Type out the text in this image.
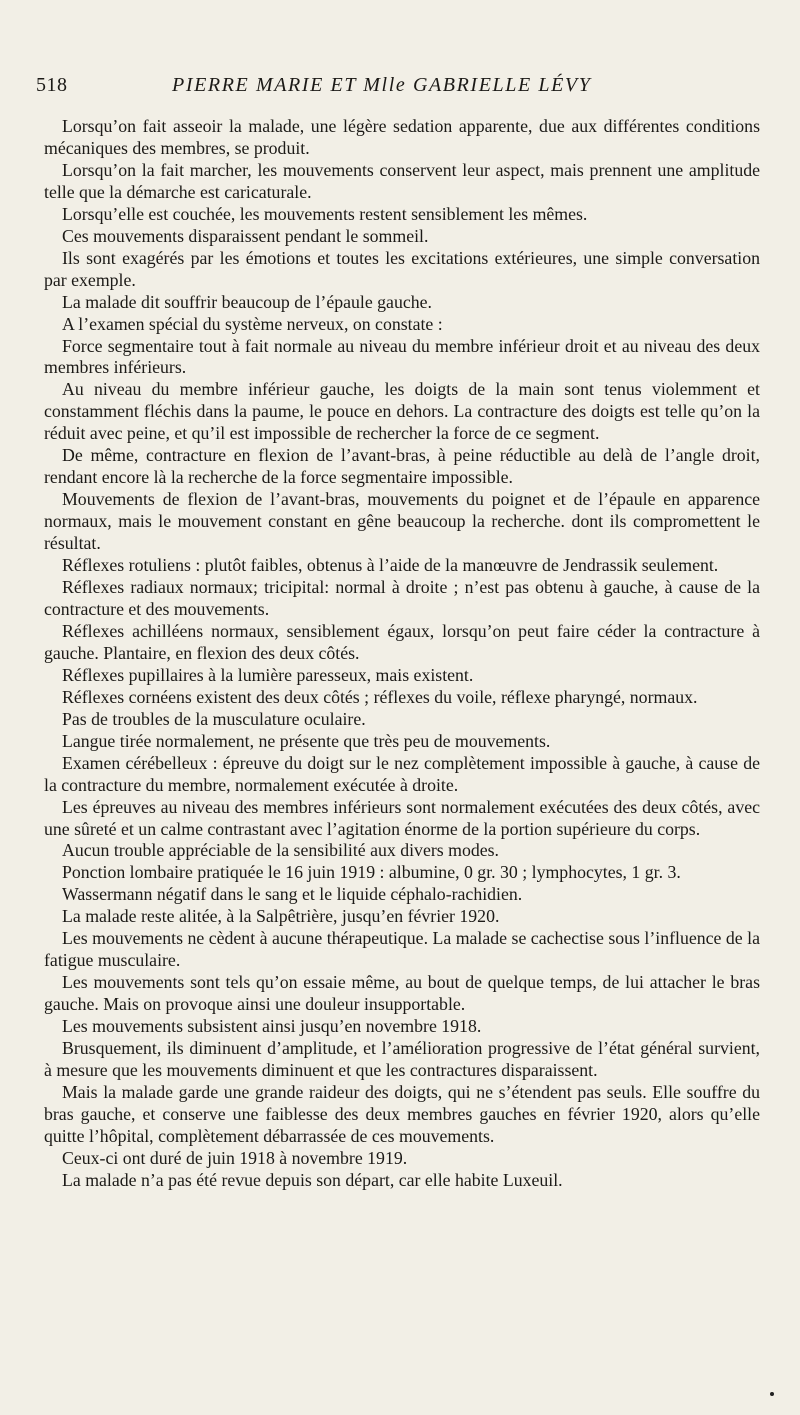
518	PIERRE MARIE ET Mlle GABRIELLE LÉVY

Lorsqu’on fait asseoir la malade, une légère sedation apparente, due aux différentes conditions mécaniques des membres, se produit.

Lorsqu’on la fait marcher, les mouvements conservent leur aspect, mais prennent une amplitude telle que la démarche est caricaturale.

Lorsqu’elle est couchée, les mouvements restent sensiblement les mêmes.

Ces mouvements disparaissent pendant le sommeil.

Ils sont exagérés par les émotions et toutes les excitations extérieures, une simple conversation par exemple.

La malade dit souffrir beaucoup de l’épaule gauche.

A l’examen spécial du système nerveux, on constate :

Force segmentaire tout à fait normale au niveau du membre inférieur droit et au niveau des deux membres inférieurs.

Au niveau du membre inférieur gauche, les doigts de la main sont tenus violemment et constamment fléchis dans la paume, le pouce en dehors. La contracture des doigts est telle qu’on la réduit avec peine, et qu’il est impossible de rechercher la force de ce segment.

De même, contracture en flexion de l’avant-bras, à peine réductible au delà de l’angle droit, rendant encore là la recherche de la force segmentaire impossible.

Mouvements de flexion de l’avant-bras, mouvements du poignet et de l’épaule en apparence normaux, mais le mouvement constant en gêne beaucoup la recherche. dont ils compromettent le résultat.

Réflexes rotuliens : plutôt faibles, obtenus à l’aide de la manœuvre de Jendrassik seulement.

Réflexes radiaux normaux; tricipital: normal à droite ; n’est pas obtenu à gauche, à cause de la contracture et des mouvements.

Réflexes achilléens normaux, sensiblement égaux, lorsqu’on peut faire céder la contracture à gauche. Plantaire, en flexion des deux côtés.

Réflexes pupillaires à la lumière paresseux, mais existent.

Réflexes cornéens existent des deux côtés ; réflexes du voile, réflexe pharyngé, normaux.

Pas de troubles de la musculature oculaire.

Langue tirée normalement, ne présente que très peu de mouvements.

Examen cérébelleux : épreuve du doigt sur le nez complètement impossible à gauche, à cause de la contracture du membre, normalement exécutée à droite.

Les épreuves au niveau des membres inférieurs sont normalement exécutées des deux côtés, avec une sûreté et un calme contrastant avec l’agitation énorme de la portion supérieure du corps.

Aucun trouble appréciable de la sensibilité aux divers modes.

Ponction lombaire pratiquée le 16 juin 1919 : albumine, 0 gr. 30 ; lymphocytes, 1 gr. 3.

Wassermann négatif dans le sang et le liquide céphalo-rachidien.

La malade reste alitée, à la Salpêtrière, jusqu’en février 1920.

Les mouvements ne cèdent à aucune thérapeutique. La malade se cachectise sous l’influence de la fatigue musculaire.

Les mouvements sont tels qu’on essaie même, au bout de quelque temps, de lui attacher le bras gauche. Mais on provoque ainsi une douleur insupportable.

Les mouvements subsistent ainsi jusqu’en novembre 1918.

Brusquement, ils diminuent d’amplitude, et l’amélioration progressive de l’état général survient, à mesure que les mouvements diminuent et que les contractures disparaissent.

Mais la malade garde une grande raideur des doigts, qui ne s’étendent pas seuls. Elle souffre du bras gauche, et conserve une faiblesse des deux membres gauches en février 1920, alors qu’elle quitte l’hôpital, complètement débarrassée de ces mouvements.

Ceux-ci ont duré de juin 1918 à novembre 1919.

La malade n’a pas été revue depuis son départ, car elle habite Luxeuil.
